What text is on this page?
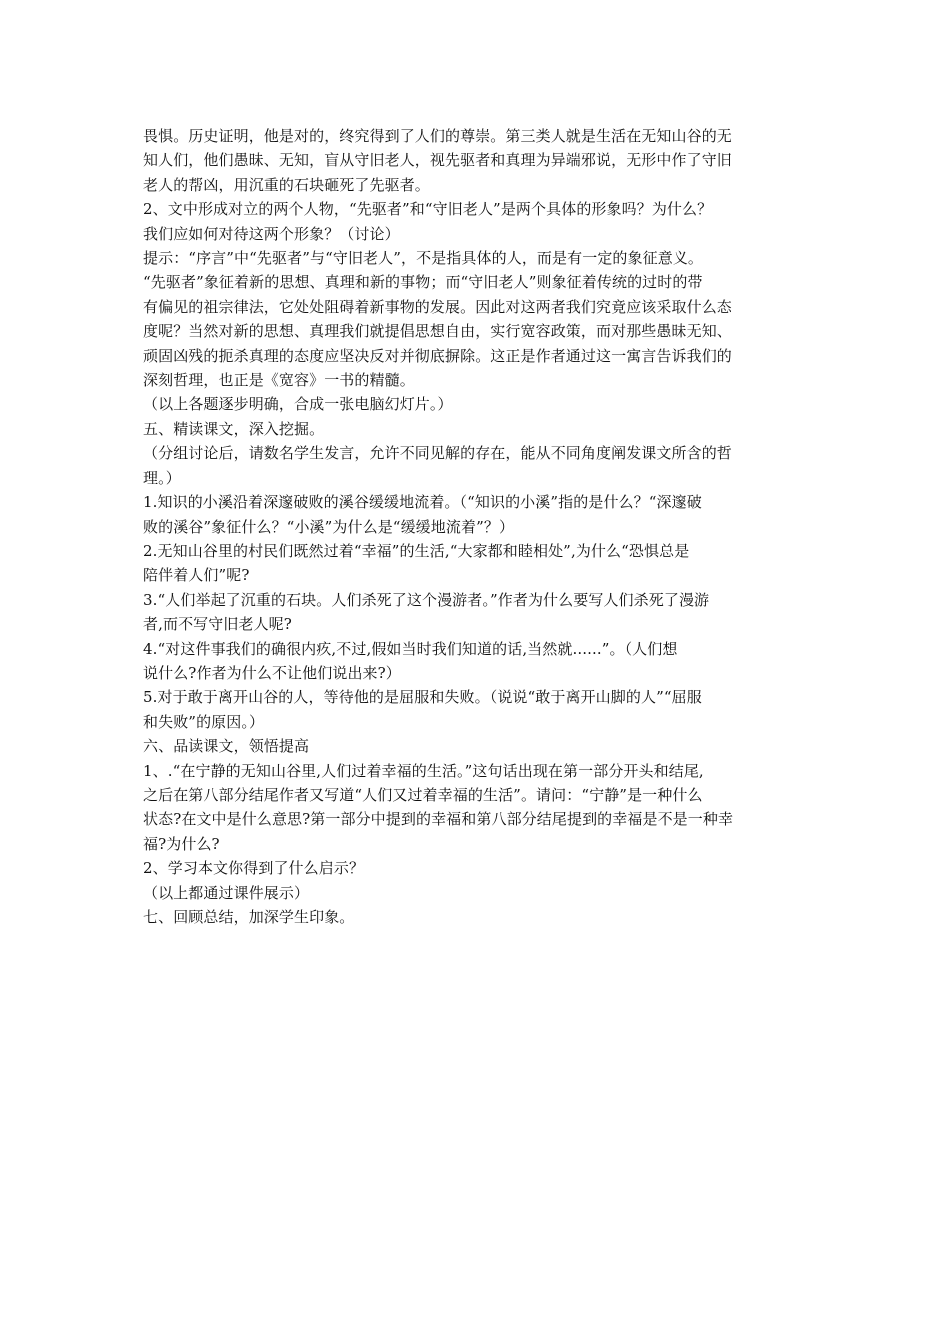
畏惧。历史证明，他是对的，终究得到了人们的尊崇。第三类人就是生活在无知山谷的无
知人们，他们愚昧、无知，盲从守旧老人，视先驱者和真理为异端邪说，无形中作了守旧
老人的帮凶，用沉重的石块砸死了先驱者。
2、文中形成对立的两个人物，“先驱者”和“守旧老人”是两个具体的形象吗？为什么？
我们应如何对待这两个形象？（讨论）
提示：“序言”中“先驱者”与“守旧老人”，不是指具体的人，而是有一定的象征意义。
“先驱者”象征着新的思想、真理和新的事物；而“守旧老人”则象征着传统的过时的带
有偏见的祖宗律法，它处处阻碍着新事物的发展。因此对这两者我们究竟应该采取什么态
度呢？当然对新的思想、真理我们就提倡思想自由，实行宽容政策，而对那些愚昧无知、
顽固凶残的扼杀真理的态度应坚决反对并彻底摒除。这正是作者通过这一寓言告诉我们的
深刻哲理，也正是《宽容》一书的精髓。
（以上各题逐步明确，合成一张电脑幻灯片。）
五、精读课文，深入挖掘。
（分组讨论后，请数名学生发言，允许不同见解的存在，能从不同角度阐发课文所含的哲
理。）
1.知识的小溪沿着深邃破败的溪谷缓缓地流着。（“知识的小溪”指的是什么？“深邃破
败的溪谷”象征什么？“小溪”为什么是“缓缓地流着”？）
2.无知山谷里的村民们既然过着“幸福”的生活,“大家都和睦相处”,为什么“恐惧总是
陪伴着人们”呢?
3.“人们举起了沉重的石块。人们杀死了这个漫游者。”作者为什么要写人们杀死了漫游
者,而不写守旧老人呢?
4.“对这件事我们的确很内疚,不过,假如当时我们知道的话,当然就......”。（人们想
说什么?作者为什么不让他们说出来?）
5.对于敢于离开山谷的人，等待他的是屈服和失败。（说说“敢于离开山脚的人”“屈服
和失败”的原因。）
六、品读课文，领悟提高
1、.“在宁静的无知山谷里,人们过着幸福的生活。”这句话出现在第一部分开头和结尾,
之后在第八部分结尾作者又写道“人们又过着幸福的生活”。请问：“宁静”是一种什么
状态?在文中是什么意思?第一部分中提到的幸福和第八部分结尾提到的幸福是不是一种幸
福?为什么?
2、学习本文你得到了什么启示？
（以上都通过课件展示）
七、回顾总结，加深学生印象。
